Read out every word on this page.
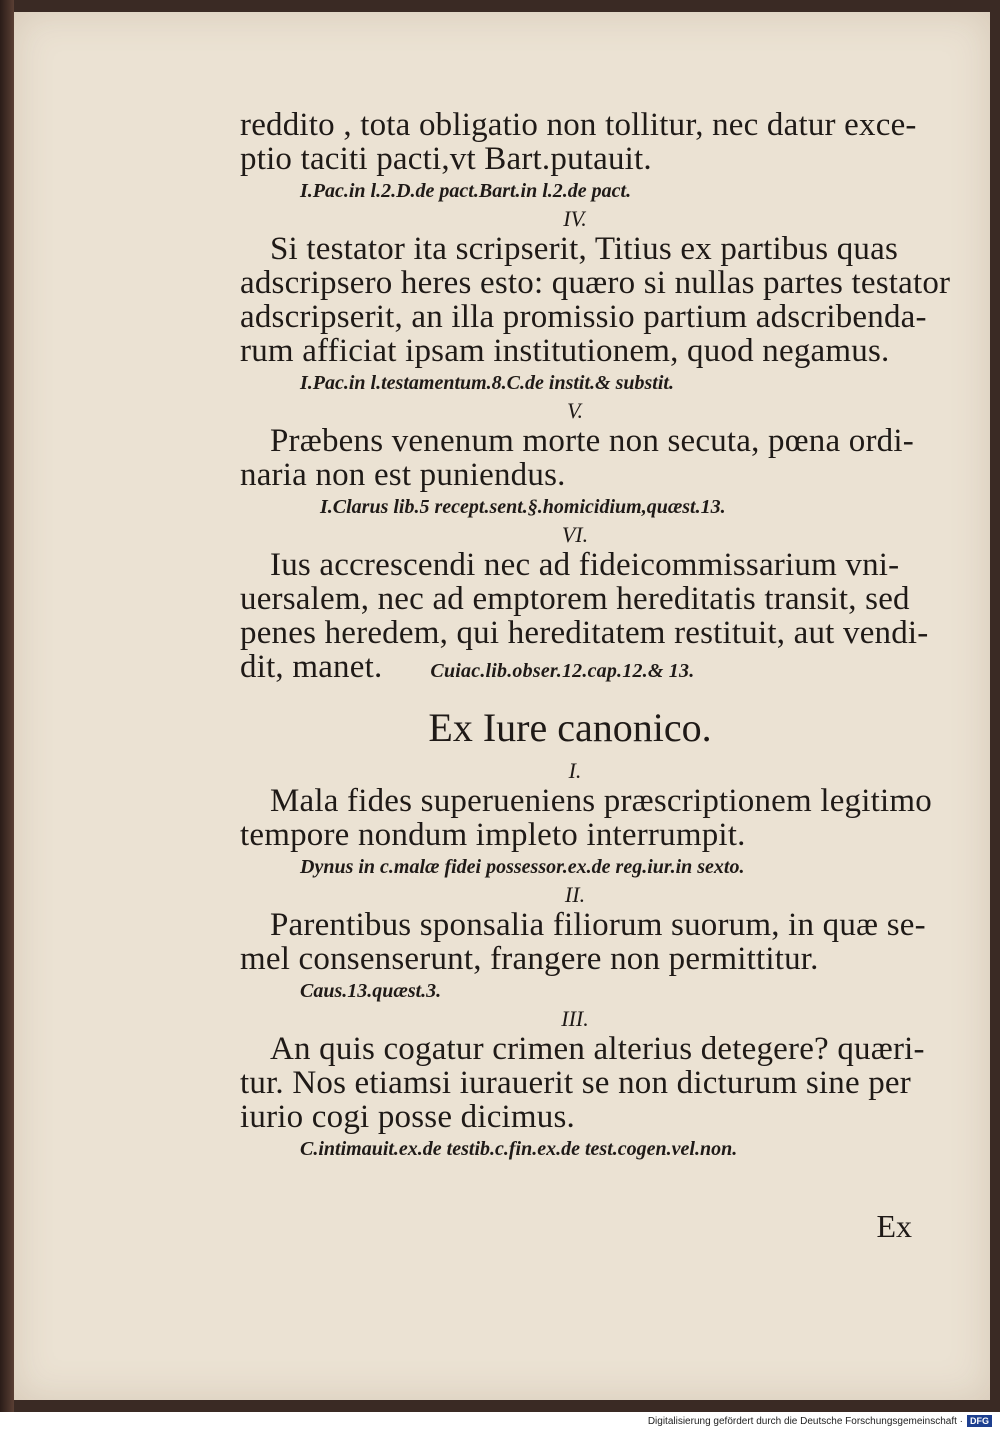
reddito , tota obligatio non tollitur, nec datur exce-
ptio taciti pacti,vt Bart.putauit.
I.Pac.in l.2.D.de pact.Bart.in l.2.de pact.
IV.
Si testator ita scripserit, Titius ex partibus quas
adscripsero heres esto: quæro si nullas partes testator
adscripserit, an illa promissio partium adscribenda-
rum afficiat ipsam institutionem, quod negamus.
I.Pac.in l.testamentum.8.C.de instit.& substit.
V.
Præbens venenum morte non secuta, pœna ordi-
naria non est puniendus.
I.Clarus lib.5 recept.sent.§.homicidium,quæst.13.
VI.
Ius accrescendi nec ad fideicommissarium vni-
uersalem, nec ad emptorem hereditatis transit, sed
penes heredem, qui hereditatem restituit, aut vendi-
dit, manet. Cuiac.lib.obser.12.cap.12.& 13.
Ex Iure canonico.
I.
Mala fides superueniens præscriptionem legitimo
tempore nondum impleto interrumpit.
Dynus in c.malæ fidei possessor.ex.de reg.iur.in sexto.
II.
Parentibus sponsalia filiorum suorum, in quæ se-
mel consenserunt, frangere non permittitur.
Caus.13.quæst.3.
III.
An quis cogatur crimen alterius detegere? quæri-
tur. Nos etiamsi iurauerit se non dicturum sine per
iurio cogi posse dicimus.
C.intimauit.ex.de testib.c.fin.ex.de test.cogen.vel.non.
Ex
Digitalisierung gefördert durch die Deutsche Forschungsgemeinschaft · DFG
